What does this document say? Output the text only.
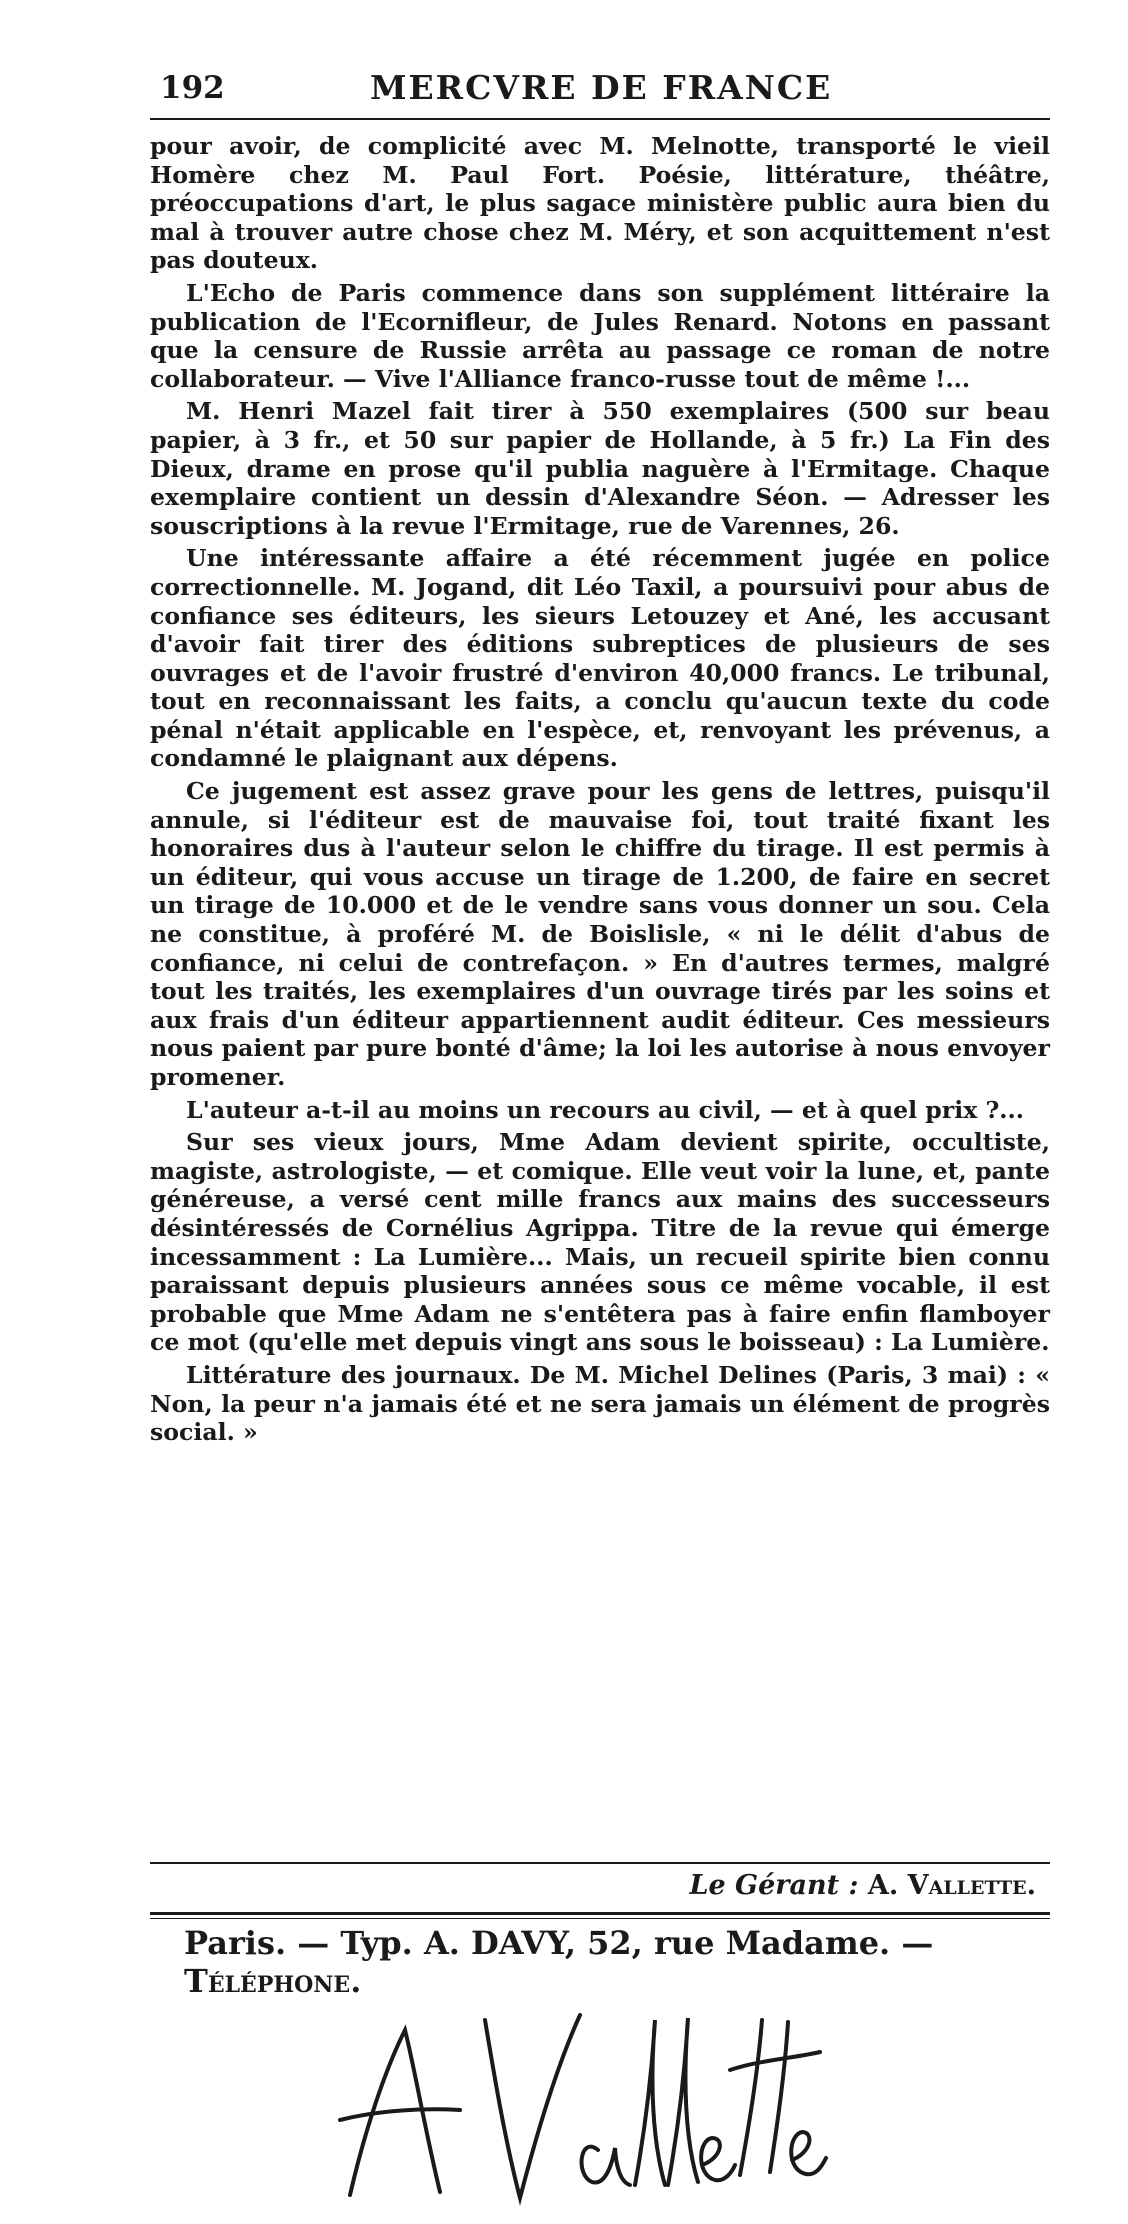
192	MERCVRE DE FRANCE

pour avoir, de complicité avec M. Melnotte, transporté le vieil Homère chez M. Paul Fort. Poésie, littérature, théâtre, préoccupations d'art, le plus sagace ministère public aura bien du mal à trouver autre chose chez M. Méry, et son acquittement n'est pas douteux.

L'Echo de Paris commence dans son supplément littéraire la publication de l'Ecornifleur, de Jules Renard. Notons en passant que la censure de Russie arrêta au passage ce roman de notre collaborateur. — Vive l'Alliance franco-russe tout de même !...

M. Henri Mazel fait tirer à 550 exemplaires (500 sur beau papier, à 3 fr., et 50 sur papier de Hollande, à 5 fr.) La Fin des Dieux, drame en prose qu'il publia naguère à l'Ermitage. Chaque exemplaire contient un dessin d'Alexandre Séon. — Adresser les souscriptions à la revue l'Ermitage, rue de Varennes, 26.

Une intéressante affaire a été récemment jugée en police correctionnelle. M. Jogand, dit Léo Taxil, a poursuivi pour abus de confiance ses éditeurs, les sieurs Letouzey et Ané, les accusant d'avoir fait tirer des éditions subreptices de plusieurs de ses ouvrages et de l'avoir frustré d'environ 40,000 francs. Le tribunal, tout en reconnaissant les faits, a conclu qu'aucun texte du code pénal n'était applicable en l'espèce, et, renvoyant les prévenus, a condamné le plaignant aux dépens.

Ce jugement est assez grave pour les gens de lettres, puisqu'il annule, si l'éditeur est de mauvaise foi, tout traité fixant les honoraires dus à l'auteur selon le chiffre du tirage. Il est permis à un éditeur, qui vous accuse un tirage de 1.200, de faire en secret un tirage de 10.000 et de le vendre sans vous donner un sou. Cela ne constitue, à proféré M. de Boislisle, « ni le délit d'abus de confiance, ni celui de contrefaçon. » En d'autres termes, malgré tout les traités, les exemplaires d'un ouvrage tirés par les soins et aux frais d'un éditeur appartiennent audit éditeur. Ces messieurs nous paient par pure bonté d'âme; la loi les autorise à nous envoyer promener.

L'auteur a-t-il au moins un recours au civil, — et à quel prix ?...

Sur ses vieux jours, Mme Adam devient spirite, occultiste, magiste, astrologiste, — et comique. Elle veut voir la lune, et, pante généreuse, a versé cent mille francs aux mains des successeurs désintéressés de Cornélius Agrippa. Titre de la revue qui émerge incessamment : La Lumière... Mais, un recueil spirite bien connu paraissant depuis plusieurs années sous ce même vocable, il est probable que Mme Adam ne s'entêtera pas à faire enfin flamboyer ce mot (qu'elle met depuis vingt ans sous le boisseau) : La Lumière.

Littérature des journaux. De M. Michel Delines (Paris, 3 mai) : « Non, la peur n'a jamais été et ne sera jamais un élément de progrès social. »

Le Gérant : A. Vallette.
Paris. — Typ. A. DAVY, 52, rue Madame. — Téléphone.
